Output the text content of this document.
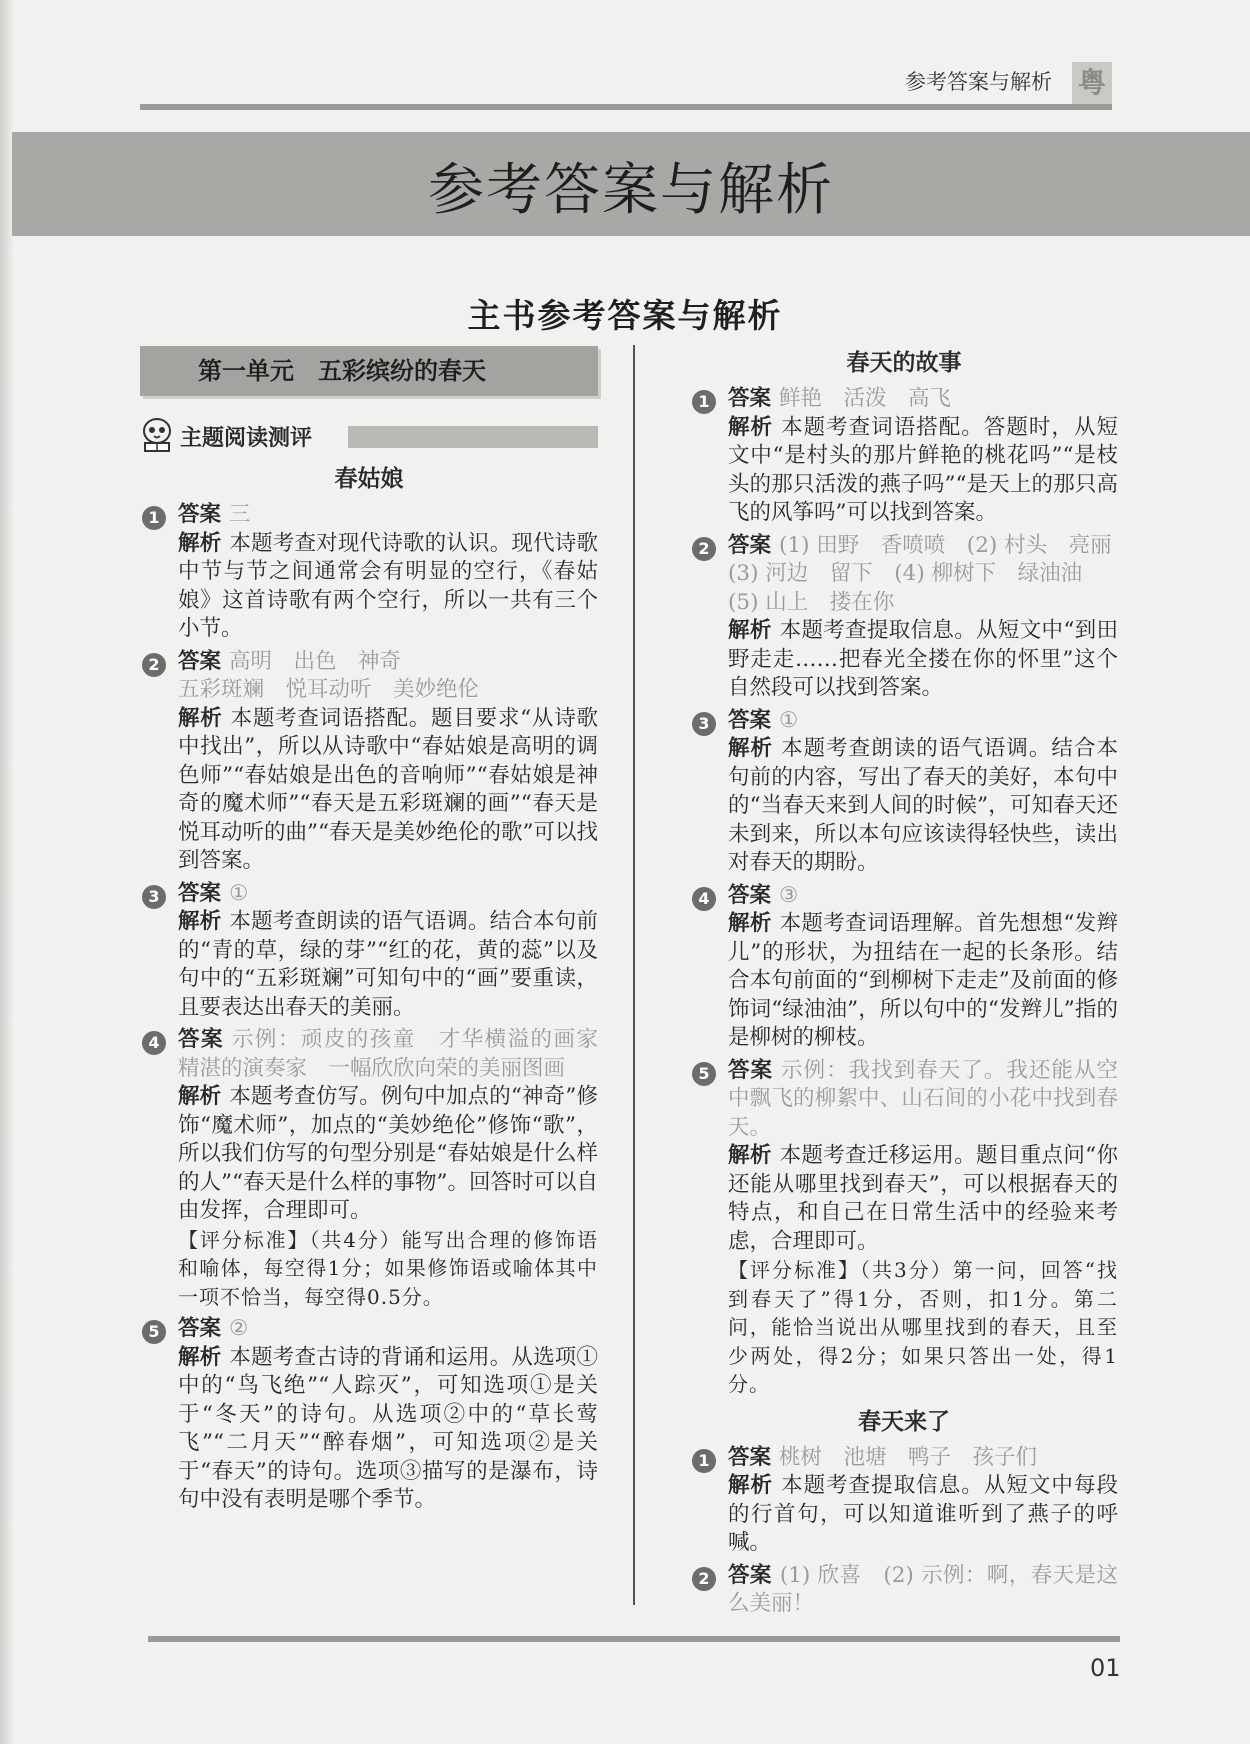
参考答案与解析 粤
参考答案与解析
主书参考答案与解析
第一单元　五彩缤纷的春天
主题阅读测评
春姑娘
1 答案 三
解析 本题考查对现代诗歌的认识。现代诗歌中节与节之间通常会有明显的空行，《春姑娘》这首诗歌有两个空行，所以一共有三个小节。
2 答案 高明　出色　神奇
五彩斑斓　悦耳动听　美妙绝伦
解析 本题考查词语搭配。题目要求“从诗歌中找出”，所以从诗歌中“春姑娘是高明的调色师”“春姑娘是出色的音响师”“春姑娘是神奇的魔术师”“春天是五彩斑斓的画”“春天是悦耳动听的曲”“春天是美妙绝伦的歌”可以找到答案。
3 答案 ①
解析 本题考查朗读的语气语调。结合本句前的“青的草，绿的芽”“红的花，黄的蕊”以及句中的“五彩斑斓”可知句中的“画”要重读，且要表达出春天的美丽。
4 答案 示例：顽皮的孩童　才华横溢的画家　精湛的演奏家　一幅欣欣向荣的美丽图画
解析 本题考查仿写。例句中加点的“神奇”修饰“魔术师”，加点的“美妙绝伦”修饰“歌”，所以我们仿写的句型分别是“春姑娘是什么样的人”“春天是什么样的事物”。回答时可以自由发挥，合理即可。
【评分标准】（共4分）能写出合理的修饰语和喻体，每空得1分；如果修饰语或喻体其中一项不恰当，每空得0.5分。
5 答案 ②
解析 本题考查古诗的背诵和运用。从选项①中的“鸟飞绝”“人踪灭”，可知选项①是关于“冬天”的诗句。从选项②中的“草长莺飞”“二月天”“醉春烟”，可知选项②是关于“春天”的诗句。选项③描写的是瀑布，诗句中没有表明是哪个季节。
春天的故事
1 答案 鲜艳　活泼　高飞
解析 本题考查词语搭配。答题时，从短文中“是村头的那片鲜艳的桃花吗”“是枝头的那只活泼的燕子吗”“是天上的那只高飞的风筝吗”可以找到答案。
2 答案 (1) 田野　香喷喷　(2) 村头　亮丽
(3) 河边　留下　(4) 柳树下　绿油油
(5) 山上　搂在你
解析 本题考查提取信息。从短文中“到田野走走……把春光全搂在你的怀里”这个自然段可以找到答案。
3 答案 ①
解析 本题考查朗读的语气语调。结合本句前的内容，写出了春天的美好，本句中的“当春天来到人间的时候”，可知春天还未到来，所以本句应该读得轻快些，读出对春天的期盼。
4 答案 ③
解析 本题考查词语理解。首先想想“发辫儿”的形状，为扭结在一起的长条形。结合本句前面的“到柳树下走走”及前面的修饰词“绿油油”，所以句中的“发辫儿”指的是柳树的柳枝。
5 答案 示例：我找到春天了。我还能从空中飘飞的柳絮中、山石间的小花中找到春天。
解析 本题考查迁移运用。题目重点问“你还能从哪里找到春天”，可以根据春天的特点，和自己在日常生活中的经验来考虑，合理即可。
【评分标准】（共3分）第一问，回答“找到春天了”得1分，否则，扣1分。第二问，能恰当说出从哪里找到的春天，且至少两处，得2分；如果只答出一处，得1分。
春天来了
1 答案 桃树　池塘　鸭子　孩子们
解析 本题考查提取信息。从短文中每段的行首句，可以知道谁听到了燕子的呼喊。
2 答案 (1) 欣喜　(2) 示例：啊，春天是这么美丽！
01
